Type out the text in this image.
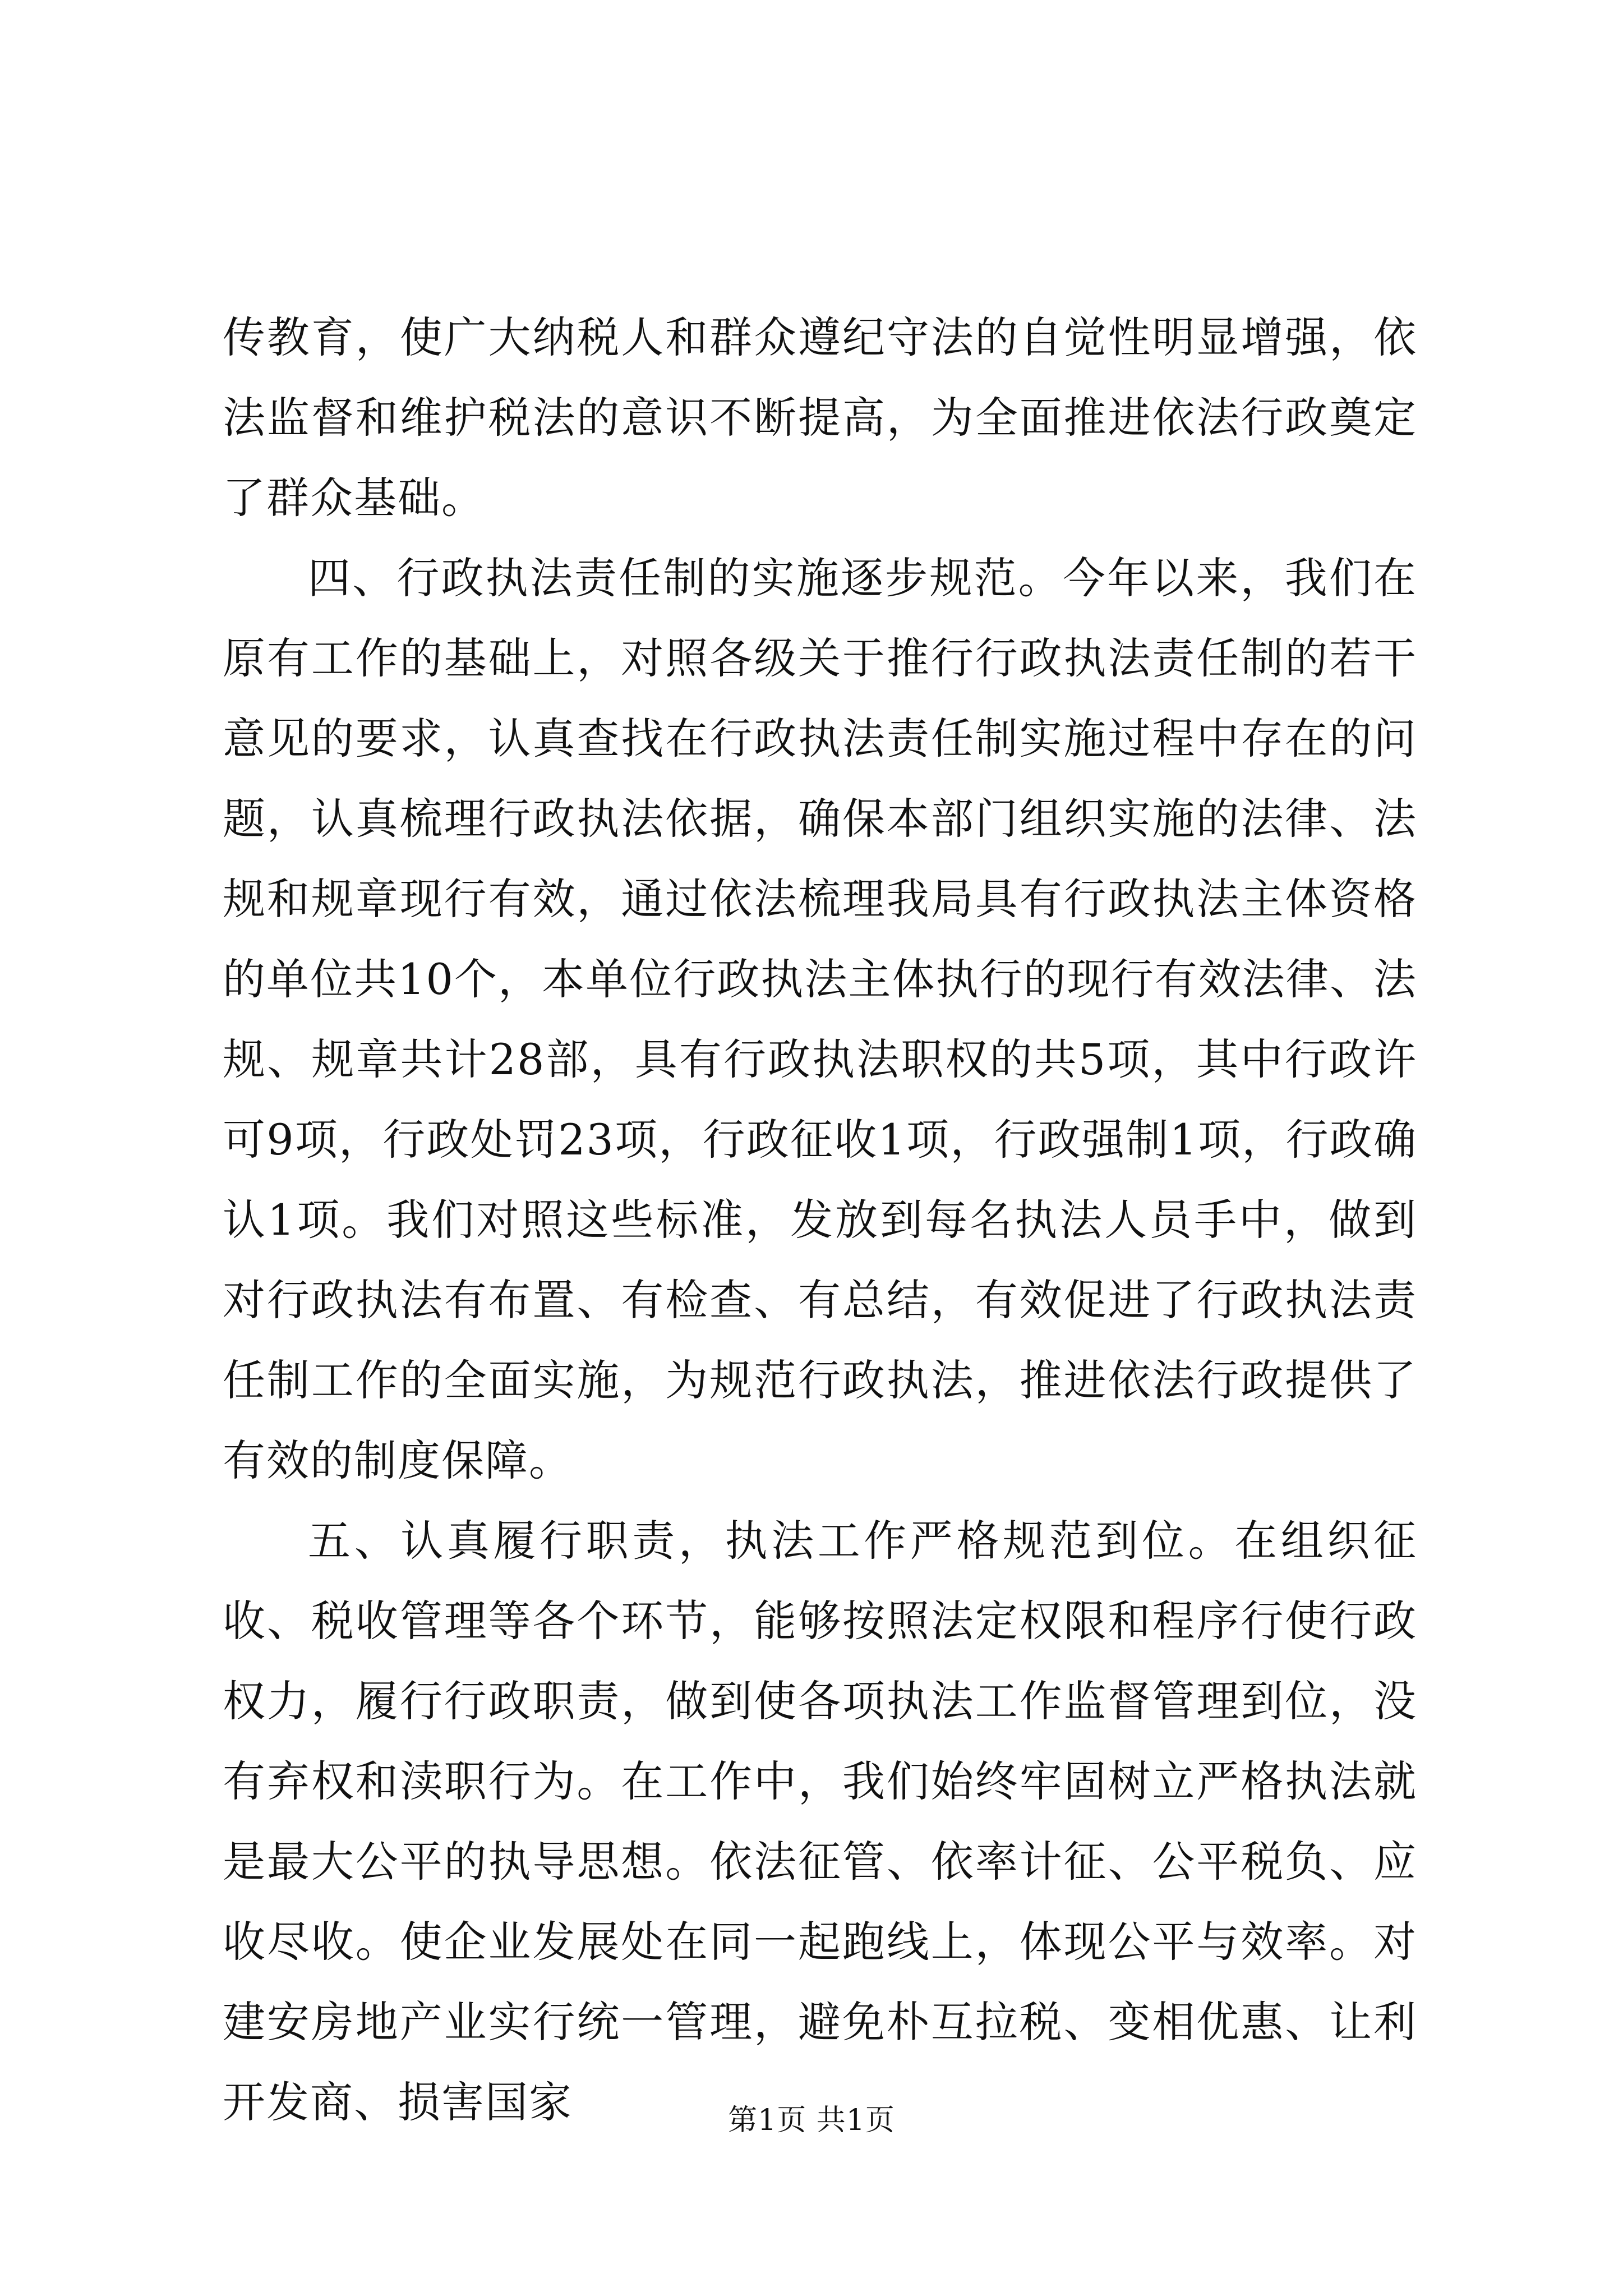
传教育，使广大纳税人和群众遵纪守法的自觉性明显增强，依法监督和维护税法的意识不断提高，为全面推进依法行政奠定了群众基础。

四、行政执法责任制的实施逐步规范。今年以来，我们在原有工作的基础上，对照各级关于推行行政执法责任制的若干意见的要求，认真查找在行政执法责任制实施过程中存在的问题，认真梳理行政执法依据，确保本部门组织实施的法律、法规和规章现行有效，通过依法梳理我局具有行政执法主体资格的单位共10个，本单位行政执法主体执行的现行有效法律、法规、规章共计28部，具有行政执法职权的共5项，其中行政许可9项，行政处罚23项，行政征收1项，行政强制1项，行政确认1项。我们对照这些标准，发放到每名执法人员手中，做到对行政执法有布置、有检查、有总结，有效促进了行政执法责任制工作的全面实施，为规范行政执法，推进依法行政提供了有效的制度保障。

五、认真履行职责，执法工作严格规范到位。在组织征收、税收管理等各个环节，能够按照法定权限和程序行使行政权力，履行行政职责，做到使各项执法工作监督管理到位，没有弃权和渎职行为。在工作中，我们始终牢固树立严格执法就是最大公平的执导思想。依法征管、依率计征、公平税负、应收尽收。使企业发展处在同一起跑线上，体现公平与效率。对建安房地产业实行统一管理，避免朴互拉税、变相优惠、让利开发商、损害国家	第1页 共1页
